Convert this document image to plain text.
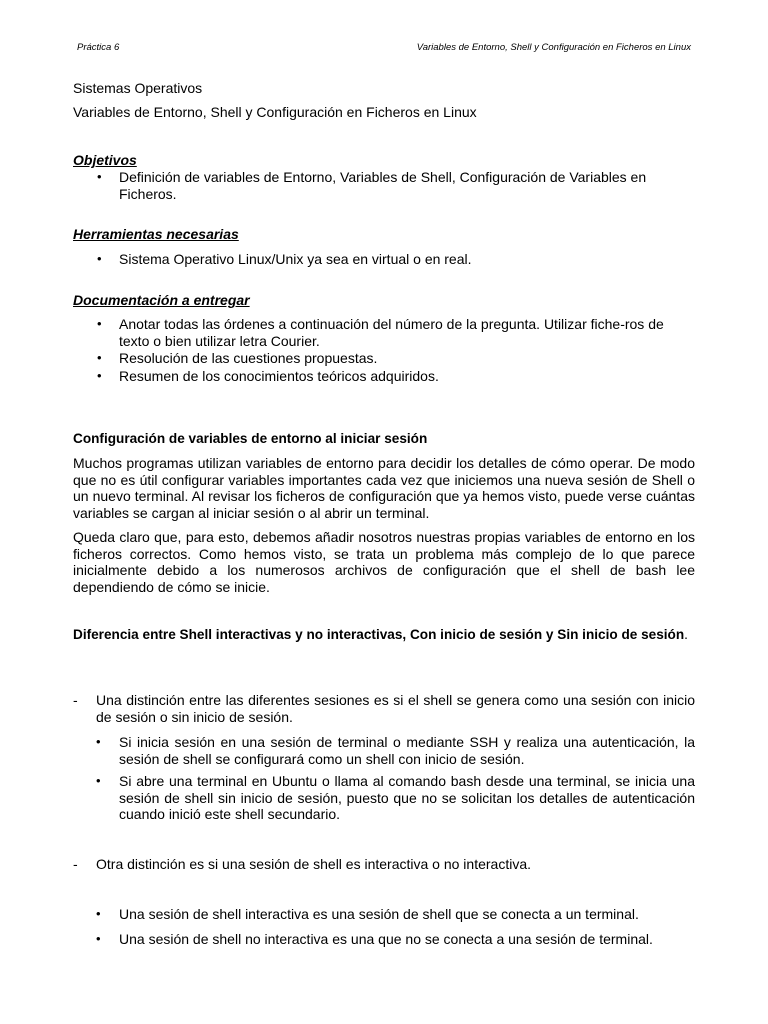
Práctica 6	Variables de Entorno, Shell y Configuración en Ficheros en Linux
Sistemas Operativos
Variables de Entorno, Shell y Configuración en Ficheros en Linux
Objetivos
• Definición de variables de Entorno, Variables de Shell, Configuración de Variables en Ficheros.
Herramientas necesarias
• Sistema Operativo Linux/Unix ya sea en virtual o en real.
Documentación a entregar
• Anotar todas las órdenes a continuación del número de la pregunta. Utilizar fiche-ros de texto o bien utilizar letra Courier.
• Resolución de las cuestiones propuestas.
• Resumen de los conocimientos teóricos adquiridos.
Configuración de variables de entorno al iniciar sesión
Muchos programas utilizan variables de entorno para decidir los detalles de cómo operar. De modo que no es útil configurar variables importantes cada vez que iniciemos una nueva sesión de Shell o un nuevo terminal. Al revisar los ficheros de configuración que ya hemos visto, puede verse cuántas variables se cargan al iniciar sesión o al abrir un terminal.
Queda claro que, para esto, debemos añadir nosotros nuestras propias variables de entorno en los ficheros correctos. Como hemos visto, se trata un problema más complejo de lo que parece inicialmente debido a los numerosos archivos de configuración que el shell de bash lee dependiendo de cómo se inicie.
Diferencia entre Shell interactivas y no interactivas, Con inicio de sesión y Sin inicio de sesión.
-	Una distinción entre las diferentes sesiones es si el shell se genera como una sesión con inicio de sesión o sin inicio de sesión.
• Si inicia sesión en una sesión de terminal o mediante SSH y realiza una autenticación, la sesión de shell se configurará como un shell con inicio de sesión.
• Si abre una terminal en Ubuntu o llama al comando bash desde una terminal, se inicia una sesión de shell sin inicio de sesión, puesto que no se solicitan los detalles de autenticación cuando inició este shell secundario.
-	Otra distinción es si una sesión de shell es interactiva o no interactiva.
• Una sesión de shell interactiva es una sesión de shell que se conecta a un terminal.
• Una sesión de shell no interactiva es una que no se conecta a una sesión de terminal.
